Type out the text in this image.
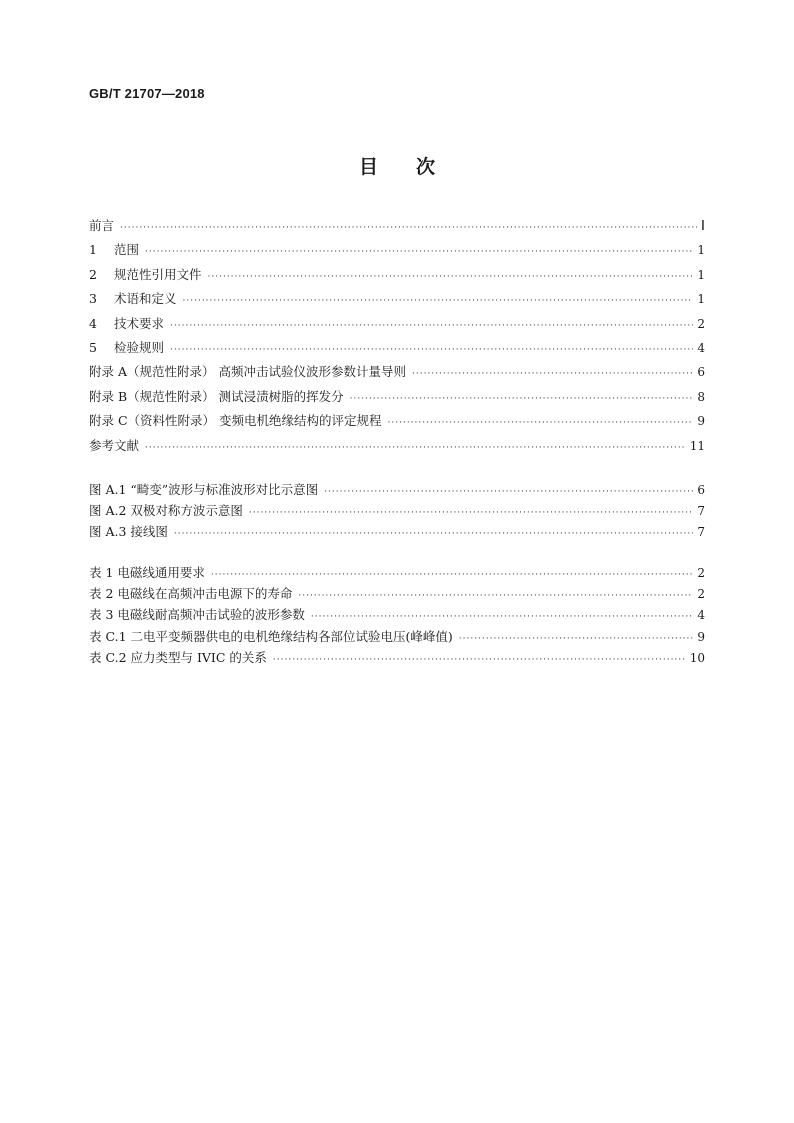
GB/T 21707—2018
目次
前言 ·····	Ⅰ
1 范围 ·····	1
2 规范性引用文件 ·····	1
3 术语和定义 ·····	1
4 技术要求 ·····	2
5 检验规则 ·····	4
附录 A（规范性附录） 高频冲击试验仪波形参数计量导则 ·····	6
附录 B（规范性附录） 测试浸渍树脂的挥发分 ·····	8
附录 C（资料性附录） 变频电机绝缘结构的评定规程 ·····	9
参考文献 ·····	11
图 A.1 “畸变”波形与标准波形对比示意图 ·····	6
图 A.2 双极对称方波示意图 ·····	7
图 A.3 接线图 ·····	7
表 1 电磁线通用要求 ·····	2
表 2 电磁线在高频冲击电源下的寿命 ·····	2
表 3 电磁线耐高频冲击试验的波形参数 ·····	4
表 C.1 二电平变频器供电的电机绝缘结构各部位试验电压(峰峰值) ·····	9
表 C.2 应力类型与 IVIC 的关系 ·····	10
